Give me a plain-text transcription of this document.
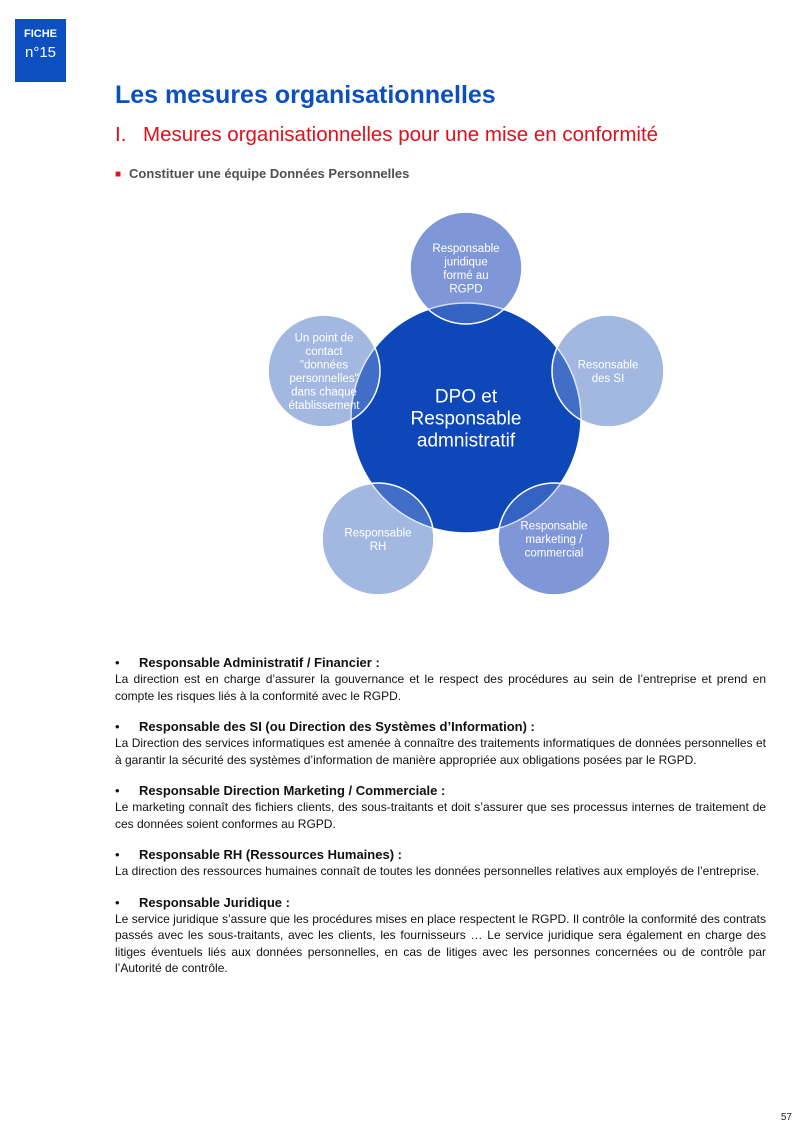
FICHE
n°15
Les mesures organisationnelles
I. Mesures organisationnelles pour une mise en conformité
■ Constituer une équipe Données Personnelles
DPO et Responsable admnistratif
Responsable juridique formé au RGPD
Resonsable des SI
Responsable marketing / commercial
Responsable RH
Un point de contact "données personnelles" dans chaque établissement

• Responsable Administratif / Financier :

La direction est en charge d’assurer la gouvernance et le respect des procédures au sein de l’entreprise et prend en compte les risques liés à la conformité avec le RGPD.

• Responsable des SI (ou Direction des Systèmes d’Information) :

La Direction des services informatiques est amenée à connaître des traitements informatiques de données personnelles et à garantir la sécurité des systèmes d’information de manière appropriée aux obligations posées par le RGPD.

• Responsable Direction Marketing / Commerciale :

Le marketing connaît des fichiers clients, des sous-traitants et doit s’assurer que ses processus internes de traitement de ces données soient conformes au RGPD.

• Responsable RH (Ressources Humaines) :

La direction des ressources humaines connaît de toutes les données personnelles relatives aux employés de l’entreprise.

• Responsable Juridique :

Le service juridique s’assure que les procédures mises en place respectent le RGPD. Il contrôle la conformité des contrats passés avec les sous-traitants, avec les clients, les fournisseurs … Le service juridique sera également en charge des litiges éventuels liés aux données personnelles, en cas de litiges avec les personnes concernées ou de contrôle par l’Autorité de contrôle.

57
